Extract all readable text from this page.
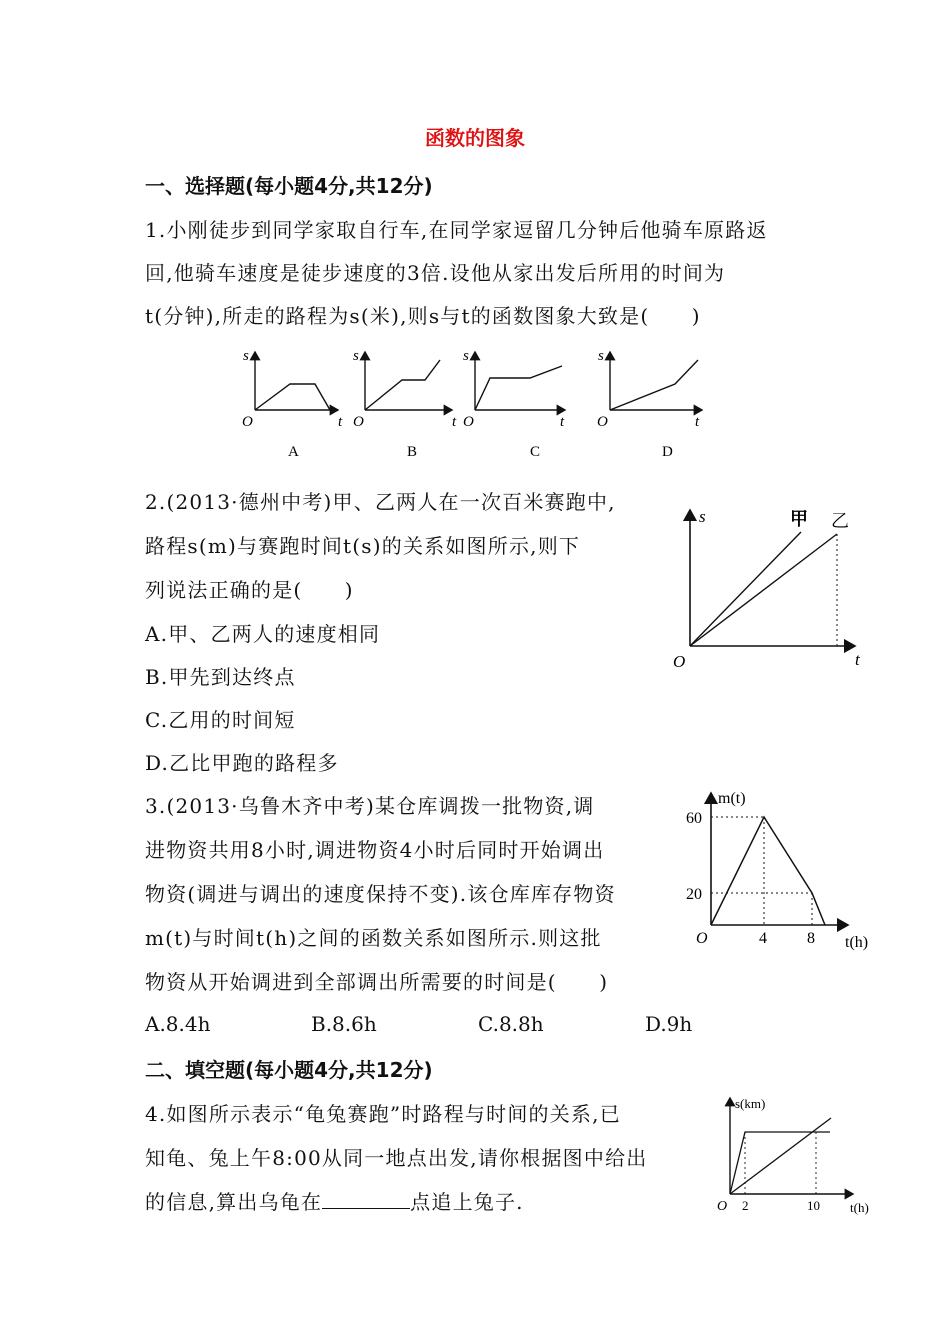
函数的图象
一、选择题(每小题4分,共12分)
1.小刚徒步到同学家取自行车,在同学家逗留几分钟后他骑车原路返
回,他骑车速度是徒步速度的3倍.设他从家出发后所用的时间为
t(分钟),所走的路程为s(米),则s与t的函数图象大致是(　　)
s
O	t
A
s
O	t
B
s
O	t
C
s
O	t
D
2.(2013·德州中考)甲、乙两人在一次百米赛跑中,
路程s(m)与赛跑时间t(s)的关系如图所示,则下
列说法正确的是(　　)
A.甲、乙两人的速度相同
B.甲先到达终点
C.乙用的时间短
D.乙比甲跑的路程多
s
O	t
甲 乙
3.(2013·乌鲁木齐中考)某仓库调拨一批物资,调
进物资共用8小时,调进物资4小时后同时开始调出
物资(调进与调出的速度保持不变).该仓库库存物资
m(t)与时间t(h)之间的函数关系如图所示.则这批
物资从开始调进到全部调出所需要的时间是(　　)
A.8.4h	B.8.6h	C.8.8h	D.9h
m(t)
60
20
O	4	8 t(h)
二、填空题(每小题4分,共12分)
4.如图所示表示“龟兔赛跑”时路程与时间的关系,已
知龟、兔上午8:00从同一地点出发,请你根据图中给出
的信息,算出乌龟在	点追上兔子.
s(km)
O 2	10 t(h)
